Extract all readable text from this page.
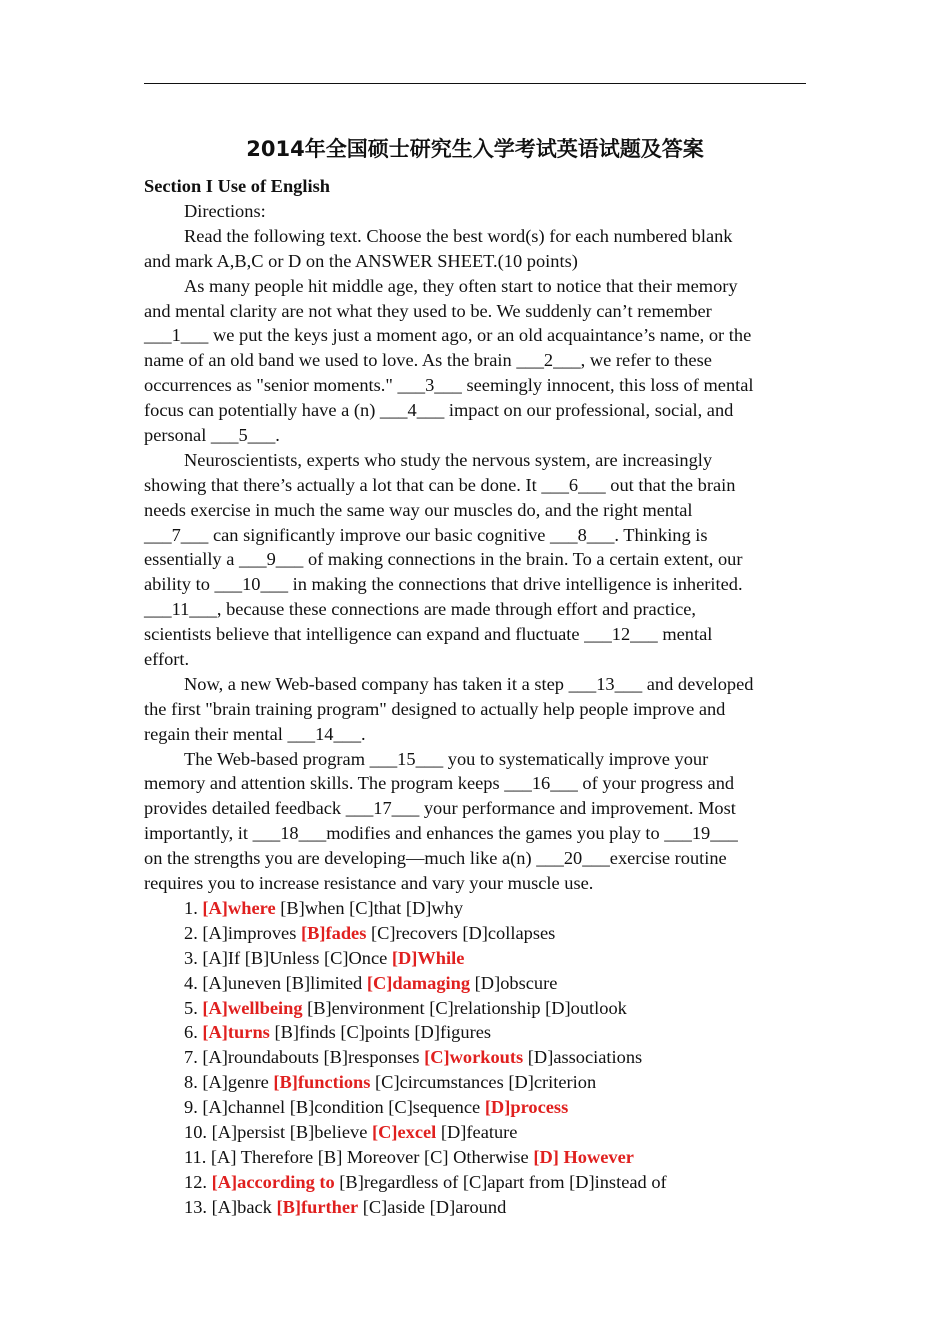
2014年全国硕士研究生入学考试英语试题及答案
Section I Use of English
Directions:
Read the following text. Choose the best word(s) for each numbered blank
and mark A,B,C or D on the ANSWER SHEET.(10 points)
As many people hit middle age, they often start to notice that their memory
and mental clarity are not what they used to be. We suddenly can’t remember
___1___ we put the keys just a moment ago, or an old acquaintance’s name, or the
name of an old band we used to love. As the brain ___2___, we refer to these
occurrences as "senior moments." ___3___ seemingly innocent, this loss of mental
focus can potentially have a (n) ___4___ impact on our professional, social, and
personal ___5___.
Neuroscientists, experts who study the nervous system, are increasingly
showing that there’s actually a lot that can be done. It ___6___ out that the brain
needs exercise in much the same way our muscles do, and the right mental
___7___ can significantly improve our basic cognitive ___8___. Thinking is
essentially a ___9___ of making connections in the brain. To a certain extent, our
ability to ___10___ in making the connections that drive intelligence is inherited.
___11___, because these connections are made through effort and practice,
scientists believe that intelligence can expand and fluctuate ___12___ mental
effort.
Now, a new Web-based company has taken it a step ___13___ and developed
the first "brain training program" designed to actually help people improve and
regain their mental ___14___.
The Web-based program ___15___ you to systematically improve your
memory and attention skills. The program keeps ___16___ of your progress and
provides detailed feedback ___17___ your performance and improvement. Most
importantly, it ___18___modifies and enhances the games you play to ___19___
on the strengths you are developing—much like a(n) ___20___exercise routine
requires you to increase resistance and vary your muscle use.
1. [A]where [B]when [C]that [D]why
2. [A]improves [B]fades [C]recovers [D]collapses
3. [A]If [B]Unless [C]Once [D]While
4. [A]uneven [B]limited [C]damaging [D]obscure
5. [A]wellbeing [B]environment [C]relationship [D]outlook
6. [A]turns [B]finds [C]points [D]figures
7. [A]roundabouts [B]responses [C]workouts [D]associations
8. [A]genre [B]functions [C]circumstances [D]criterion
9. [A]channel [B]condition [C]sequence [D]process
10. [A]persist [B]believe [C]excel [D]feature
11. [A] Therefore [B] Moreover [C] Otherwise [D] However
12. [A]according to [B]regardless of [C]apart from [D]instead of
13. [A]back [B]further [C]aside [D]around
